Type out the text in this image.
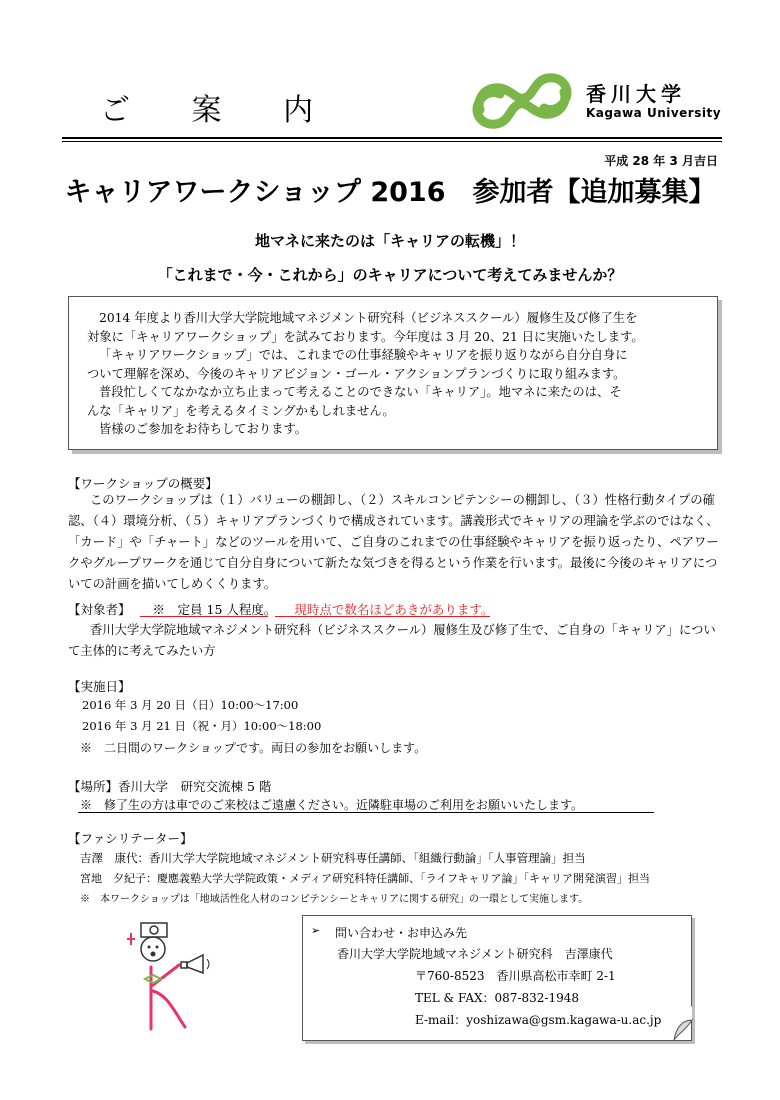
ご 案 内	香川大学
Kagawa University
平成 28 年 3 月吉日
キャリアワークショップ 2016　参加者【追加募集】
地マネに来たのは「キャリアの転機」！
「これまで・今・これから」のキャリアについて考えてみませんか？

2014 年度より香川大学大学院地域マネジメント研究科（ビジネススクール）履修生及び修了生を

対象に「キャリアワークショップ」を試みております。今年度は 3 月 20、21 日に実施いたします。

「キャリアワークショップ」では、これまでの仕事経験やキャリアを振り返りながら自分自身に

ついて理解を深め、今後のキャリアビジョン・ゴール・アクションプランづくりに取り組みます。

普段忙しくてなかなか立ち止まって考えることのできない「キャリア」。地マネに来たのは、そ

んな「キャリア」を考えるタイミングかもしれません。

皆様のご参加をお待ちしております。

【ワークショップの概要】
このワークショップは（１）バリューの棚卸し、（２）スキルコンピテンシーの棚卸し、（３）性格行動タイプの確認、（４）環境分析、（５）キャリアプランづくりで構成されています。講義形式でキャリアの理論を学ぶのではなく、「カード」や「チャート」などのツールを用いて、ご自身のこれまでの仕事経験やキャリアを振り返ったり、ペアワークやグループワークを通じて自分自身について新たな気づきを得るという作業を行います。最後に今後のキャリアについての計画を描いてしめくくります。
【対象者】 ※　定員 15 人程度。 現時点で数名ほどあきがあります。
香川大学大学院地域マネジメント研究科（ビジネススクール）履修生及び修了生で、ご自身の「キャリア」について主体的に考えてみたい方
【実施日】
2016 年 3 月 20 日（日）10:00〜17:00
2016 年 3 月 21 日（祝・月）10:00〜18:00
※　二日間のワークショップです。両日の参加をお願いします。
【場所】香川大学　研究交流棟 5 階
※　修了生の方は車でのご来校はご遠慮ください。近隣駐車場のご利用をお願いいたします。
【ファシリテーター】
吉澤　康代：香川大学大学院地域マネジメント研究科専任講師、「組織行動論」「人事管理論」担当
宮地　夕紀子：慶應義塾大学大学院政策・メディア研究科特任講師、「ライフキャリア論」「キャリア開発演習」担当
※　本ワークショップは「地域活性化人材のコンピテンシーとキャリアに関する研究」の一環として実施します。
➢ 問い合わせ・お申込み先
香川大学大学院地域マネジメント研究科　吉澤康代
〒760-8523　香川県高松市幸町 2-1
TEL & FAX：087-832-1948
E-mail：yoshizawa@gsm.kagawa-u.ac.jp
